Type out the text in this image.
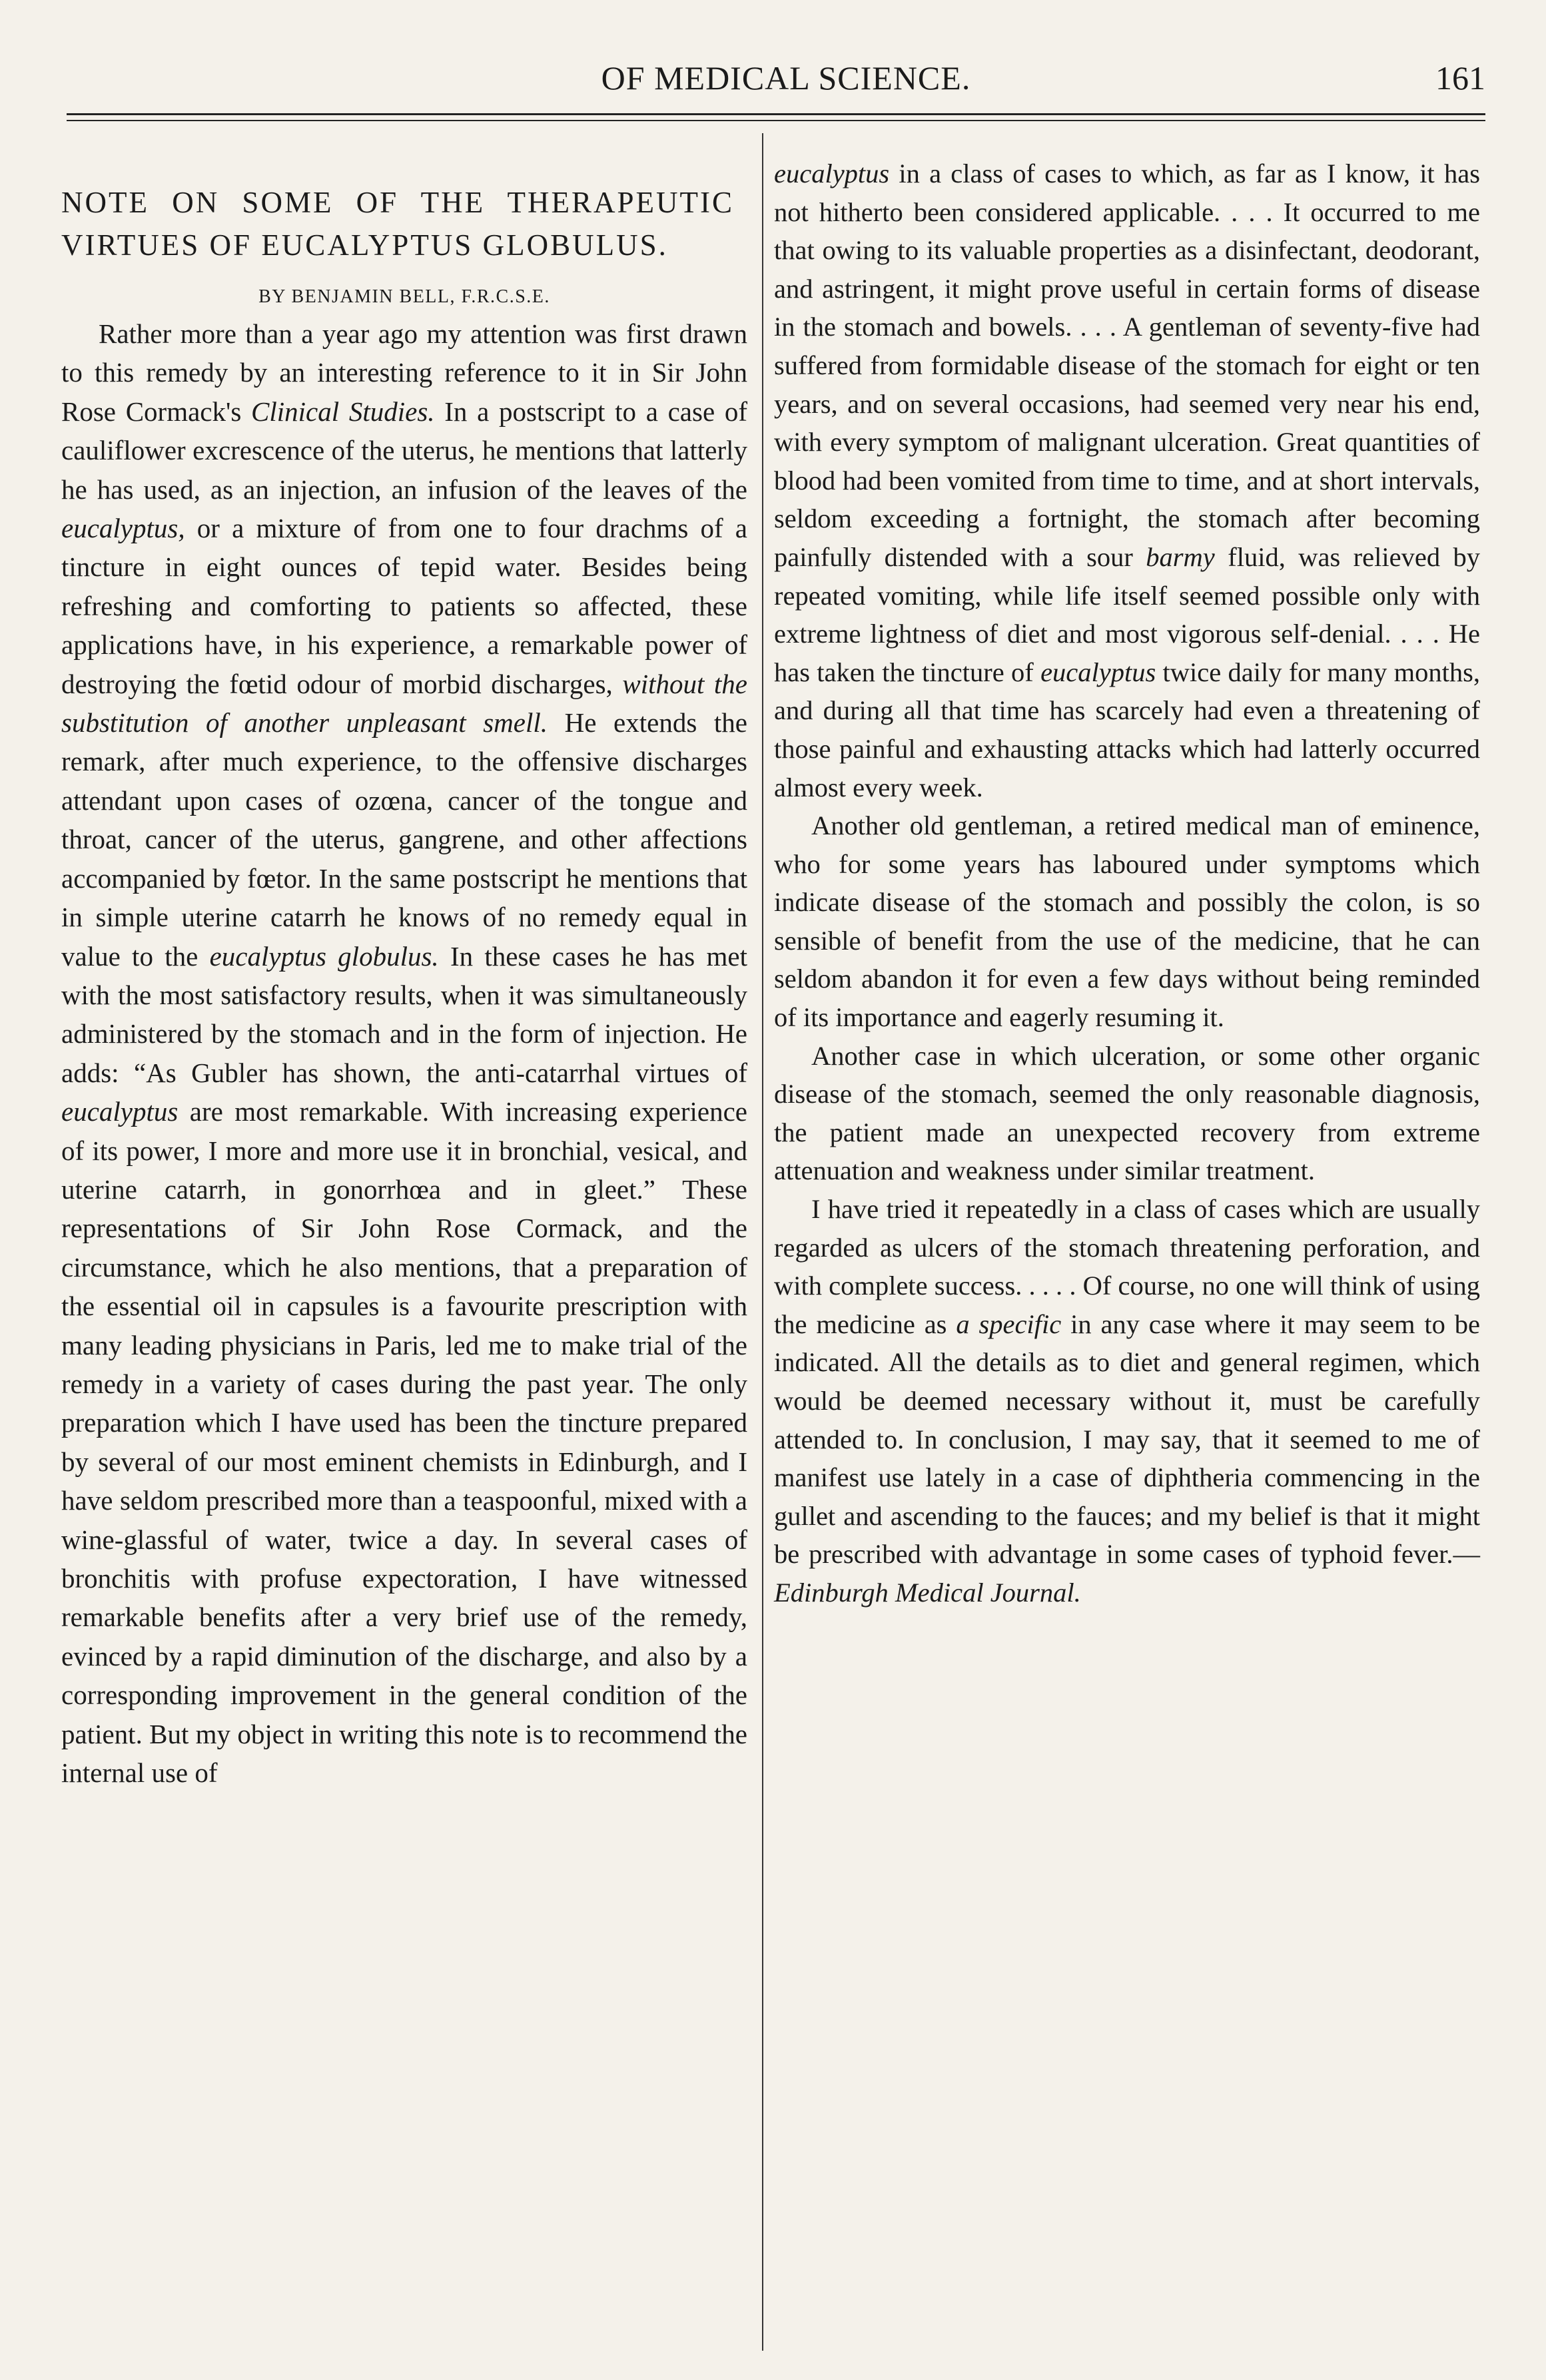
OF MEDICAL SCIENCE.	161
NOTE ON SOME OF THE THERAPEUTIC VIRTUES OF EUCALYPTUS GLOBULUS.
BY BENJAMIN BELL, F.R.C.S.E.

Rather more than a year ago my attention was first drawn to this remedy by an interesting reference to it in Sir John Rose Cormack's Clinical Studies. In a postscript to a case of cauliflower excrescence of the uterus, he mentions that latterly he has used, as an injection, an infusion of the leaves of the eucalyptus, or a mixture of from one to four drachms of a tincture in eight ounces of tepid water. Besides being refreshing and comforting to patients so affected, these applications have, in his experience, a remarkable power of destroying the fœtid odour of morbid discharges, without the substitution of another unpleasant smell. He extends the remark, after much experience, to the offensive discharges attendant upon cases of ozœna, cancer of the tongue and throat, cancer of the uterus, gangrene, and other affections accompanied by fœtor. In the same postscript he mentions that in simple uterine catarrh he knows of no remedy equal in value to the eucalyptus globulus. In these cases he has met with the most satisfactory results, when it was simultaneously administered by the stomach and in the form of injection. He adds: “As Gubler has shown, the anti-catarrhal virtues of eucalyptus are most remarkable. With increasing experience of its power, I more and more use it in bronchial, vesical, and uterine catarrh, in gonorrhœa and in gleet.” These representations of Sir John Rose Cormack, and the circumstance, which he also mentions, that a preparation of the essential oil in capsules is a favourite prescription with many leading physicians in Paris, led me to make trial of the remedy in a variety of cases during the past year. The only preparation which I have used has been the tincture prepared by several of our most eminent chemists in Edinburgh, and I have seldom prescribed more than a teaspoonful, mixed with a wine-glassful of water, twice a day. In several cases of bronchitis with profuse expectoration, I have witnessed remarkable benefits after a very brief use of the remedy, evinced by a rapid diminution of the discharge, and also by a corresponding improvement in the general condition of the patient. But my object in writing this note is to recommend the internal use of

eucalyptus in a class of cases to which, as far as I know, it has not hitherto been considered applicable. . . . It occurred to me that owing to its valuable properties as a disinfectant, deodorant, and astringent, it might prove useful in certain forms of disease in the stomach and bowels. . . . A gentleman of seventy-five had suffered from formidable disease of the stomach for eight or ten years, and on several occasions, had seemed very near his end, with every symptom of malignant ulceration. Great quantities of blood had been vomited from time to time, and at short intervals, seldom exceeding a fortnight, the stomach after becoming painfully distended with a sour barmy fluid, was relieved by repeated vomiting, while life itself seemed possible only with extreme lightness of diet and most vigorous self-denial. . . . He has taken the tincture of eucalyptus twice daily for many months, and during all that time has scarcely had even a threatening of those painful and exhausting attacks which had latterly occurred almost every week.

Another old gentleman, a retired medical man of eminence, who for some years has laboured under symptoms which indicate disease of the stomach and possibly the colon, is so sensible of benefit from the use of the medicine, that he can seldom abandon it for even a few days without being reminded of its importance and eagerly resuming it.

Another case in which ulceration, or some other organic disease of the stomach, seemed the only reasonable diagnosis, the patient made an unexpected recovery from extreme attenuation and weakness under similar treatment.

I have tried it repeatedly in a class of cases which are usually regarded as ulcers of the stomach threatening perforation, and with complete success. . . . . Of course, no one will think of using the medicine as a specific in any case where it may seem to be indicated. All the details as to diet and general regimen, which would be deemed necessary without it, must be carefully attended to. In conclusion, I may say, that it seemed to me of manifest use lately in a case of diphtheria commencing in the gullet and ascending to the fauces; and my belief is that it might be prescribed with advantage in some cases of typhoid fever.—Edinburgh Medical Journal.
